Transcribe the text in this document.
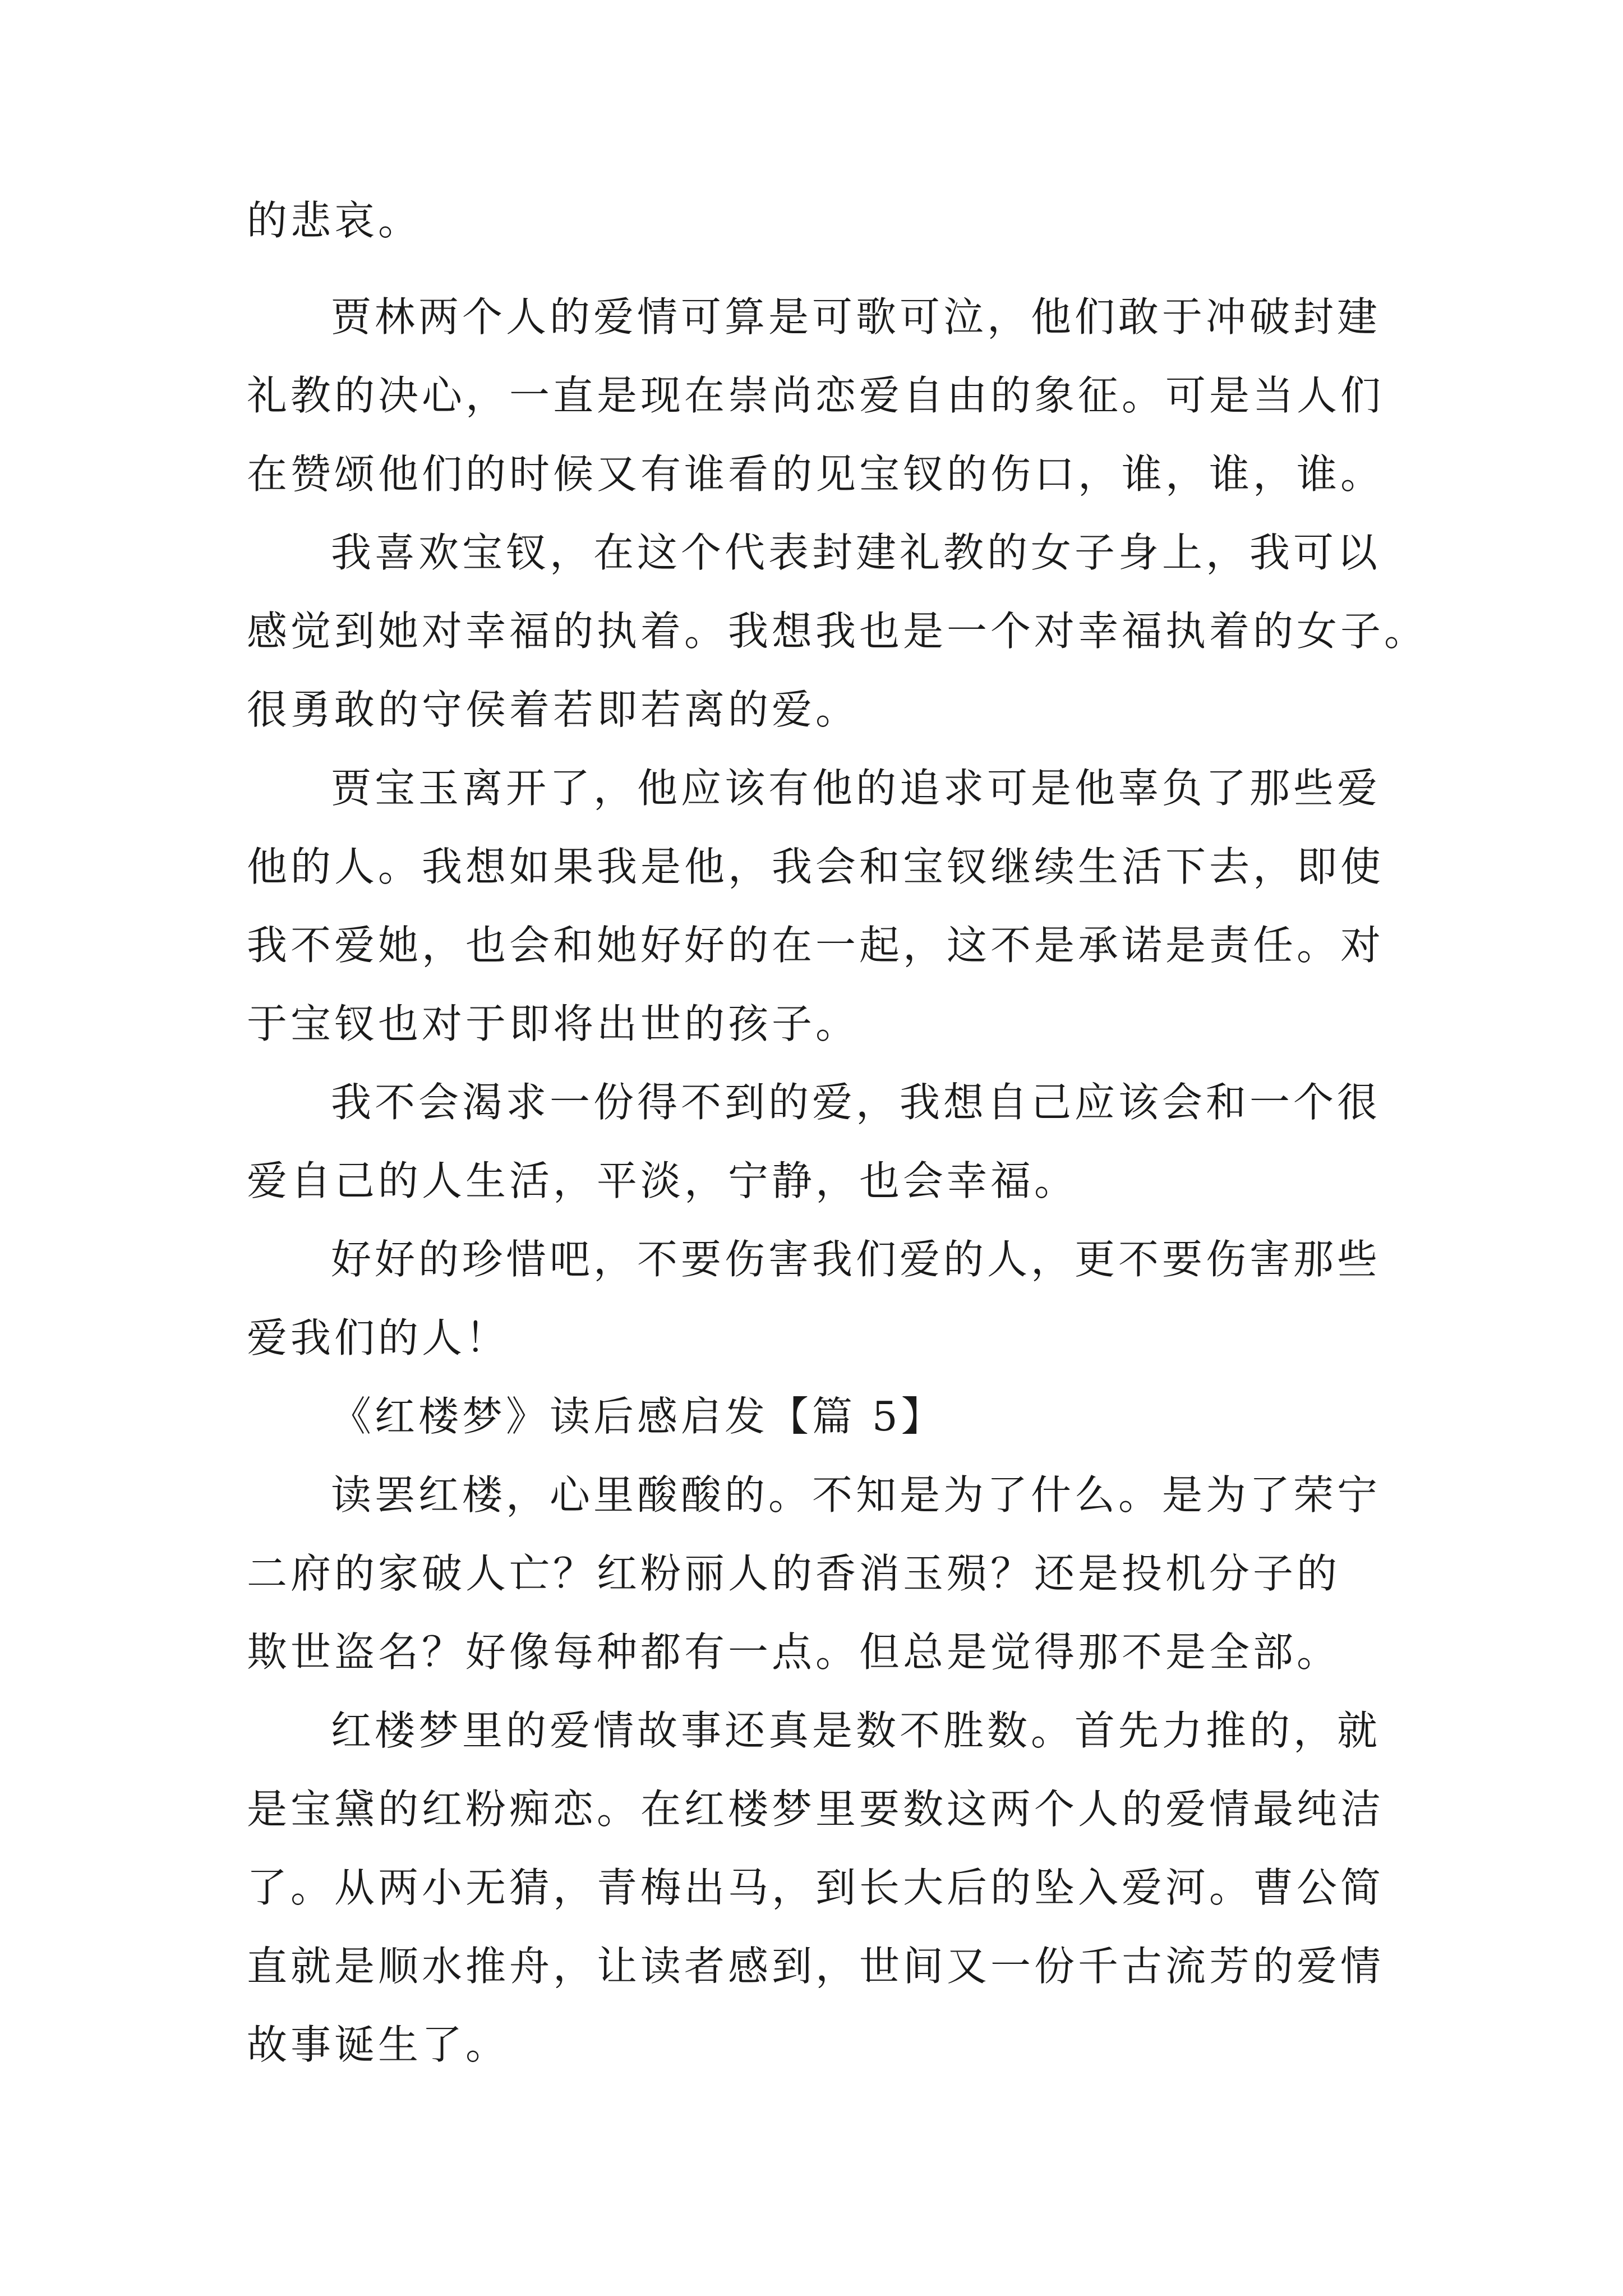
的悲哀。
贾林两个人的爱情可算是可歌可泣，他们敢于冲破封建
礼教的决心，一直是现在崇尚恋爱自由的象征。可是当人们
在赞颂他们的时候又有谁看的见宝钗的伤口，谁，谁，谁。
我喜欢宝钗，在这个代表封建礼教的女子身上，我可以
感觉到她对幸福的执着。我想我也是一个对幸福执着的女子。
很勇敢的守侯着若即若离的爱。
贾宝玉离开了，他应该有他的追求可是他辜负了那些爱
他的人。我想如果我是他，我会和宝钗继续生活下去，即使
我不爱她，也会和她好好的在一起，这不是承诺是责任。对
于宝钗也对于即将出世的孩子。
我不会渴求一份得不到的爱，我想自己应该会和一个很
爱自己的人生活，平淡，宁静，也会幸福。
好好的珍惜吧，不要伤害我们爱的人，更不要伤害那些
爱我们的人！
《红楼梦》读后感启发【篇 5】
读罢红楼，心里酸酸的。不知是为了什么。是为了荣宁
二府的家破人亡？红粉丽人的香消玉殒？还是投机分子的
欺世盗名？好像每种都有一点。但总是觉得那不是全部。
红楼梦里的爱情故事还真是数不胜数。首先力推的，就
是宝黛的红粉痴恋。在红楼梦里要数这两个人的爱情最纯洁
了。从两小无猜，青梅出马，到长大后的坠入爱河。曹公简
直就是顺水推舟，让读者感到，世间又一份千古流芳的爱情
故事诞生了。
